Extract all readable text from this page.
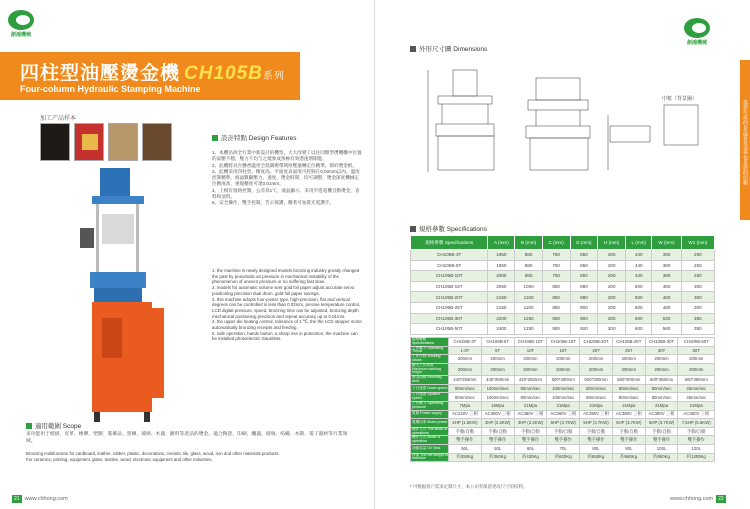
創鴻機械
四柱型油壓燙金機 CH105B系列
Four-column Hydraulic Stamping Machine
加工产品样本
設計特點 Design Features

1、本機吊滑全行業中新設計的機型。大大改變了以往同類型燙機機中位置的氣壓不穩，壓力不均勻之現象成熟極有效憑速增開進。

2、此機將具台懸香溫更全低調變帶域恒壓運轉定位精準。節約燙金紙。

3、此機采用四柱型。精度高。平面度表面度可控制在0.02mm以內。溫度控制精準，液晶數顯壓力，速度，燙金時間，均可調整，燙金深度機械定位精度高，重復精度可達0.01mm。

4、上模有發熱控制，公差爲1℃，液晶顯示，采用步進電機自動燙金，省料和送料。

5、安全操作，雙手控制，告示保護，精著可加裝光電護手。

1. the machine is newly designed models bronzing industry greatly changed the past by pneumatic air pressure in mechanical instability of the phenomenon of uneven pressure or no suffering fast slow.

2. models for automatic volume sent gold foil paper adjust accurate servo positioning precision dual drum, gold foil paper savings.

3. this machine adopts four-poster type, high-precision, flat and vertical degrees can be controlled in less than 0.02mm, precise temperature control, LCD digital pressure, speed, bronzing time can be adjusted, bronzing depth mechanical positioning precision and repeat accuracy up to 0.01mm.

4. the upper die heating control, tolerance of 1 ℃, the the LCD stepper motor automatically bronzing receipts and feeding.

5. safe operation, hands button, a sharp rise in protection, the machine can be installed photoelectric Gauntlets.

適用範圍 Scope
多功能用于紙板、皮革、橡膠、塑膠、裝飾品、瓷磚、玻璃、木器、鍍料等產品的燙金。適合陶瓷、印刷、纜器、玻璃、紡織、木制、電子器材等行業領域。

Bronzing multifunction for cardboard, leather, rubber, plastic, decorations, ceramic tile, glass, wood, iron and other materials products.

For ceramics, printing, equipment, glass, textiles, wood, electronic equipment and other industries.

21 www.chhong.com
創鴻機械
爲您生產的是品質是表率也是您的信賴
外形尺寸圖 Dimensions
中框（背景圖）
規格參數 Specifications
規格參數 Specifications	A (mm)	B (mm)	C (mm)	D (mm)	H (mm)	L (mm)	W (mm)	W1 (mm)
CH105B-3T	1950	880	750	850	200	440	390	250
CH105B-5T	1950	880	750	850	200	440	390	250
CH105B-10T	2000	880	750	850	200	440	390	250
CH105B-15T	2050	1000	850	880	200	500	460	300
CH105B-20T	2150	1100	850	880	200	500	480	300
CH105B-25T	2150	1100	850	900	200	500	480	300
CH105B-30T	2200	1250	900	900	200	600	530	350
CH105B-50T	2400	1250	900	920	200	600	560	350
規格參數 Specifications	CH105B-3T	CH105B-5T	CH105B-10T	CH105B-15T	CH105B-20T	CH105B-25T	CH105B-30T	CH105B-50T
工作壓力 Operating Thrust	1-3T	5T	10T	15T	20T	25T	30T	50T
工作行程 Working stroke	200mm	200mm	200mm	200mm	200mm	200mm	200mm	200mm
最大工作高度 Maximum working height	200mm	200mm	200mm	200mm	200mm	200mm	200mm	200mm
燙金面積 Bronzing area	440*250mm	440*250mm	440*250mm	500*300mm	500*300mm	500*300mm	600*350mm	600*350mm
下行速度 Down speed	80mm/sec	100mm/sec	80mm/sec	100mm/sec	80mm/sec	80mm/sec	80mm/sec	45mm/sec
上行速度 Upward speed	80mm/sec	100mm/sec	80mm/sec	100mm/sec	80mm/sec	80mm/sec	80mm/sec	45mm/sec
工作壓力 Operating pressure	7Mpa	18Mpa	21Mpa	21Mpa	21Mpa	21Mpa	21Mpa	21Mpa
電源 Power supply	AC220V 三相	AC380V 三相	AC380V 三相	AC380V 三相	AC380V 三相	AC380V 三相	AC380V 三相	AC380V 三相
電機功率 Motor power	2HP (1.5KW)	3HP (2.2KW)	3HP (2.2KW)	5HP (3.7KW)	5HP (3.7KW)	5HP (3.7KW)	5HP (3.7KW)	7.5HP (5.5KW)
操作方式 The kinds of operations	手動/自動	手動/自動	手動/自動	手動/自動	手動/自動	手動/自動	手動/自動	手動/自動
操作方式 Mode of operation	雙手操作	雙手操作	雙手操作	雙手操作	雙手操作	雙手操作	雙手操作	雙手操作
油箱容量 Oil Tank	50L	50L	60L	70L	80L	90L	100L	120L
淨重 The net weight of machine	約350Kg	約360Kg	約430Kg	約600Kg	約650Kg	約680Kg	約850Kg	約1300Kg
* 可根据客户需求定制尺寸，本公司有保留更改尺寸的权利。
www.chhong.com	22
